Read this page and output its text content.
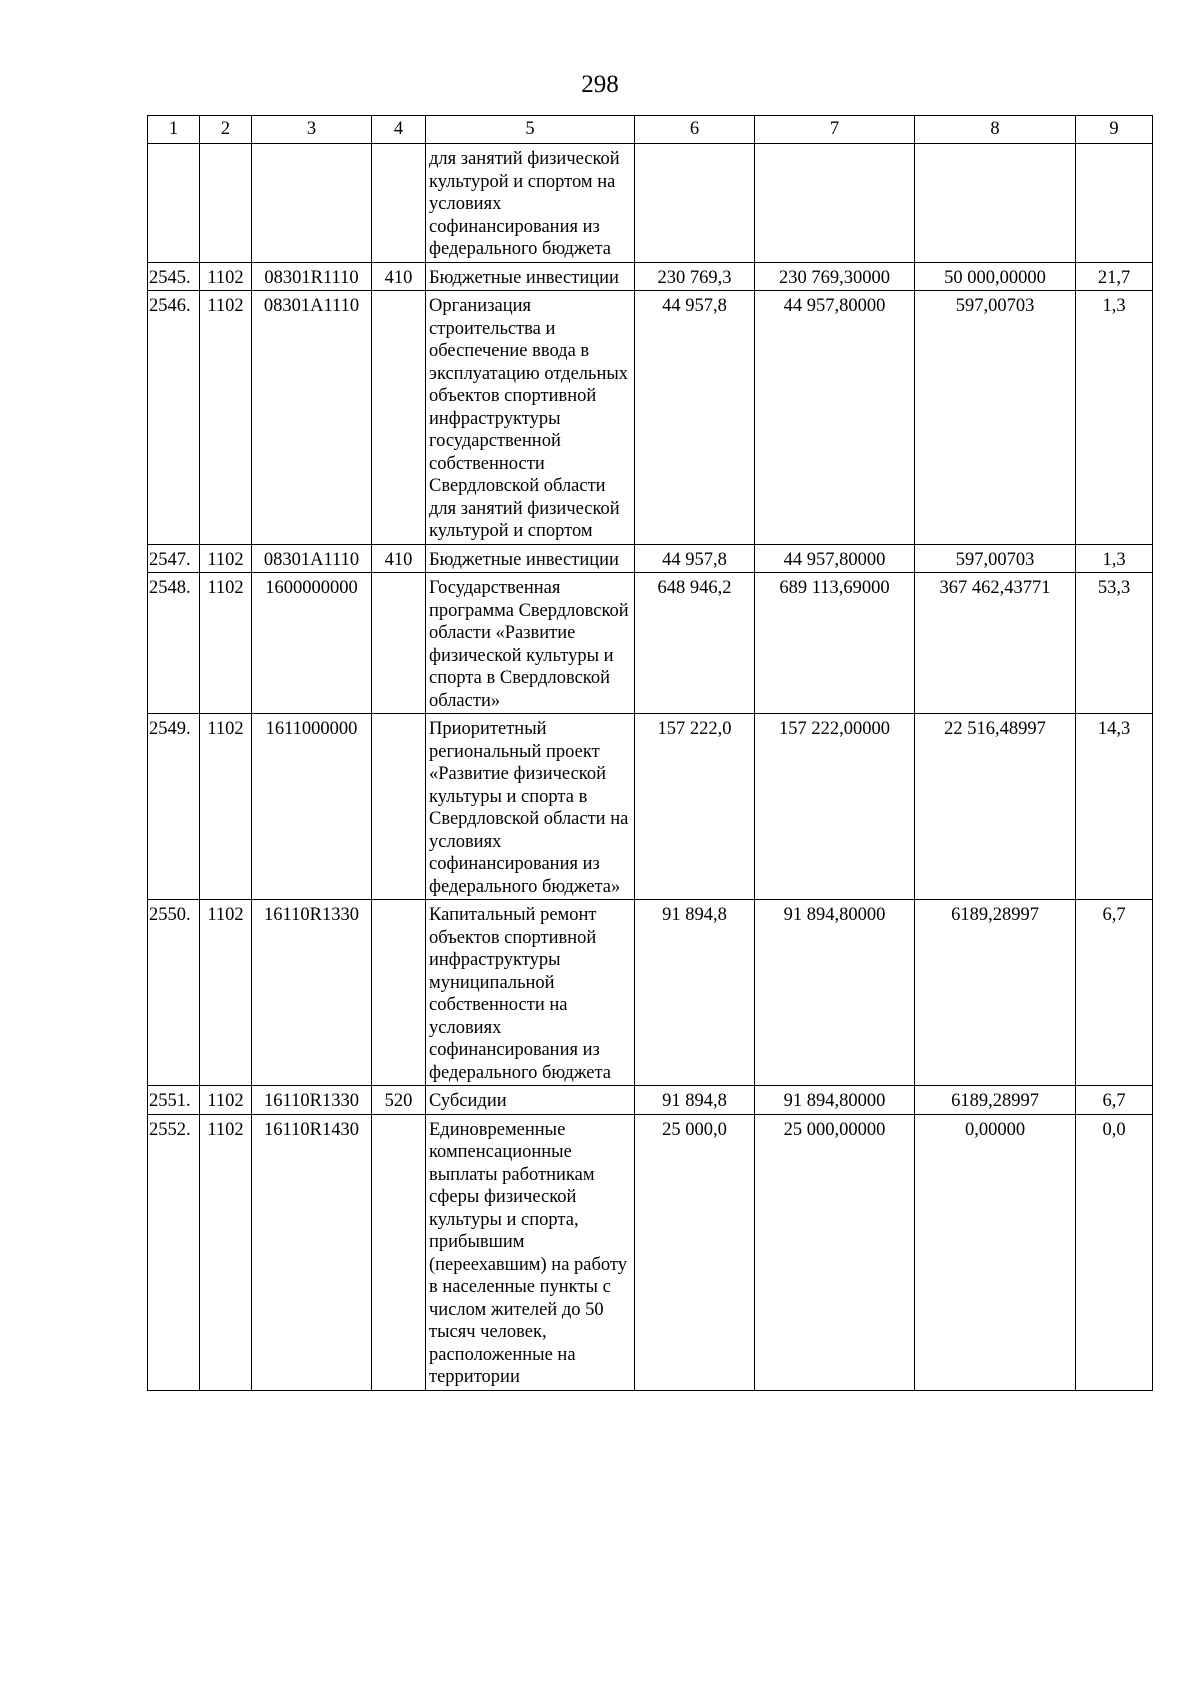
298
1	2	3	4	5	6	7	8	9
				для занятий физической культурой и спортом на условиях софинансирования из федерального бюджета				
2545.	1102	08301R1110	410	Бюджетные инвестиции	230 769,3	230 769,30000	50 000,00000	21,7
2546.	1102	08301A1110		Организация строительства и обеспечение ввода в эксплуатацию отдельных объектов спортивной инфраструктуры государственной собственности Свердловской области для занятий физической культурой и спортом	44 957,8	44 957,80000	597,00703	1,3
2547.	1102	08301A1110	410	Бюджетные инвестиции	44 957,8	44 957,80000	597,00703	1,3
2548.	1102	1600000000		Государственная программа Свердловской области «Развитие физической культуры и спорта в Свердловской области»	648 946,2	689 113,69000	367 462,43771	53,3
2549.	1102	1611000000		Приоритетный региональный проект «Развитие физической культуры и спорта в Свердловской области на условиях софинансирования из федерального бюджета»	157 222,0	157 222,00000	22 516,48997	14,3
2550.	1102	16110R1330		Капитальный ремонт объектов спортивной инфраструктуры муниципальной собственности на условиях софинансирования из федерального бюджета	91 894,8	91 894,80000	6189,28997	6,7
2551.	1102	16110R1330	520	Субсидии	91 894,8	91 894,80000	6189,28997	6,7
2552.	1102	16110R1430		Единовременные компенсационные выплаты работникам сферы физической культуры и спорта, прибывшим (переехавшим) на работу в населенные пункты с числом жителей до 50 тысяч человек, расположенные на территории	25 000,0	25 000,00000	0,00000	0,0
